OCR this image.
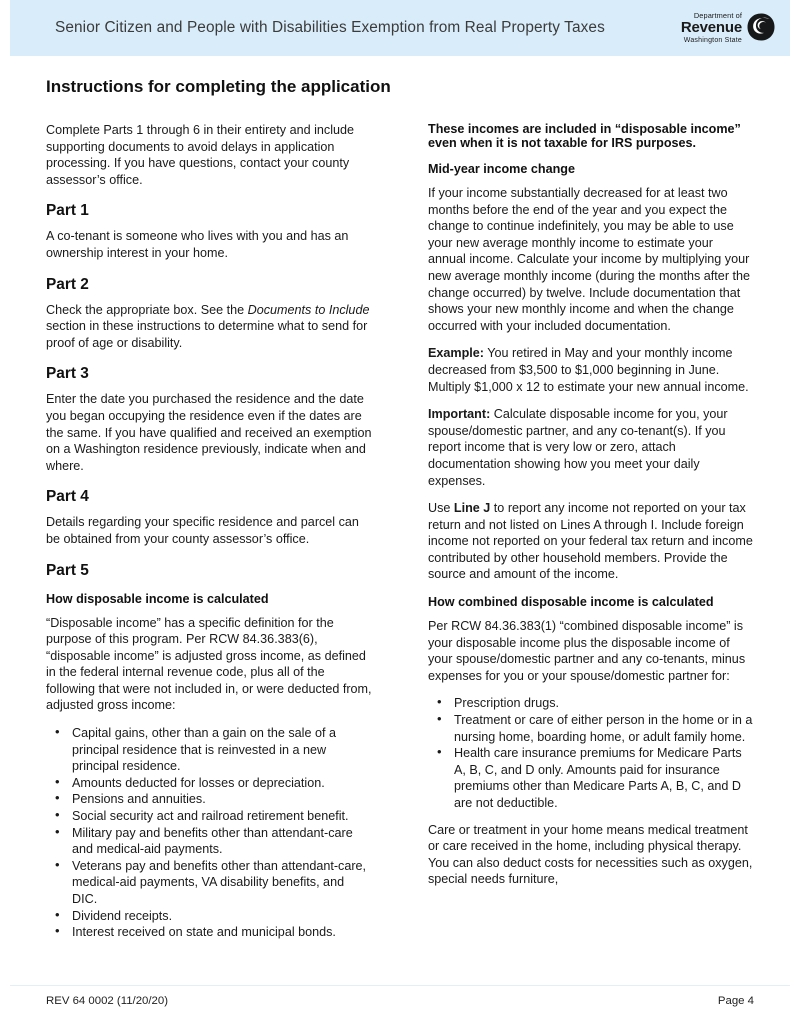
Senior Citizen and People with Disabilities Exemption from Real Property Taxes
Department of
Revenue
Washington State
Instructions for completing the application

Complete Parts 1 through 6 in their entirety and include supporting documents to avoid delays in application processing. If you have questions, contact your county assessor’s office.

Part 1

A co-tenant is someone who lives with you and has an ownership interest in your home.

Part 2

Check the appropriate box. See the Documents to Include section in these instructions to determine what to send for proof of age or disability.

Part 3

Enter the date you purchased the residence and the date you began occupying the residence even if the dates are the same. If you have qualified and received an exemption on a Washington residence previously, indicate when and where.

Part 4

Details regarding your specific residence and parcel can be obtained from your county assessor’s office.

Part 5
How disposable income is calculated

“Disposable income” has a specific definition for the purpose of this program. Per RCW 84.36.383(6), “disposable income” is adjusted gross income, as defined in the federal internal revenue code, plus all of the following that were not included in, or were deducted from, adjusted gross income:

• Capital gains, other than a gain on the sale of a principal residence that is reinvested in a new principal residence.
• Amounts deducted for losses or depreciation.
• Pensions and annuities.
• Social security act and railroad retirement benefit.
• Military pay and benefits other than attendant-care and medical-aid payments.
• Veterans pay and benefits other than attendant-care, medical-aid payments, VA disability benefits, and DIC.
• Dividend receipts.
• Interest received on state and municipal bonds.
These incomes are included in “disposable income” even when it is not taxable for IRS purposes.
Mid-year income change

If your income substantially decreased for at least two months before the end of the year and you expect the change to continue indefinitely, you may be able to use your new average monthly income to estimate your annual income. Calculate your income by multiplying your new average monthly income (during the months after the change occurred) by twelve. Include documentation that shows your new monthly income and when the change occurred with your included documentation.

Example: You retired in May and your monthly income decreased from $3,500 to $1,000 beginning in June. Multiply $1,000 x 12 to estimate your new annual income.

Important: Calculate disposable income for you, your spouse/domestic partner, and any co-tenant(s). If you report income that is very low or zero, attach documentation showing how you meet your daily expenses.

Use Line J to report any income not reported on your tax return and not listed on Lines A through I. Include foreign income not reported on your federal tax return and income contributed by other household members. Provide the source and amount of the income.

How combined disposable income is calculated

Per RCW 84.36.383(1) “combined disposable income” is your disposable income plus the disposable income of your spouse/domestic partner and any co-tenants, minus expenses for you or your spouse/domestic partner for:

• Prescription drugs.
• Treatment or care of either person in the home or in a nursing home, boarding home, or adult family home.
• Health care insurance premiums for Medicare Parts A, B, C, and D only. Amounts paid for insurance premiums other than Medicare Parts A, B, C, and D are not deductible.

Care or treatment in your home means medical treatment or care received in the home, including physical therapy. You can also deduct costs for necessities such as oxygen, special needs furniture,

REV 64 0002 (11/20/20)	Page 4
